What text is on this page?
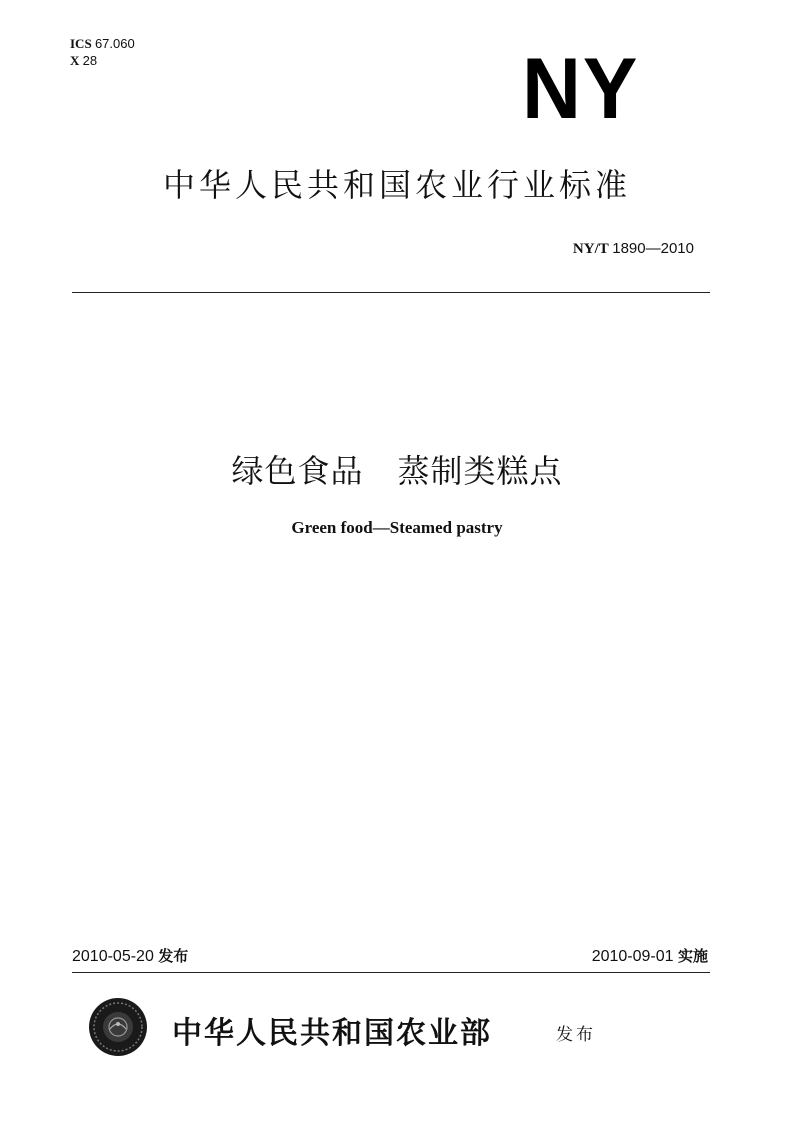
ICS 67.060
X 28	NY
中华人民共和国农业行业标准
NY/T 1890—2010
绿色食品 蒸制类糕点
Green food—Steamed pastry
2010-05-20 发布	2010-09-01 实施
中华人民共和国农业部	发布
